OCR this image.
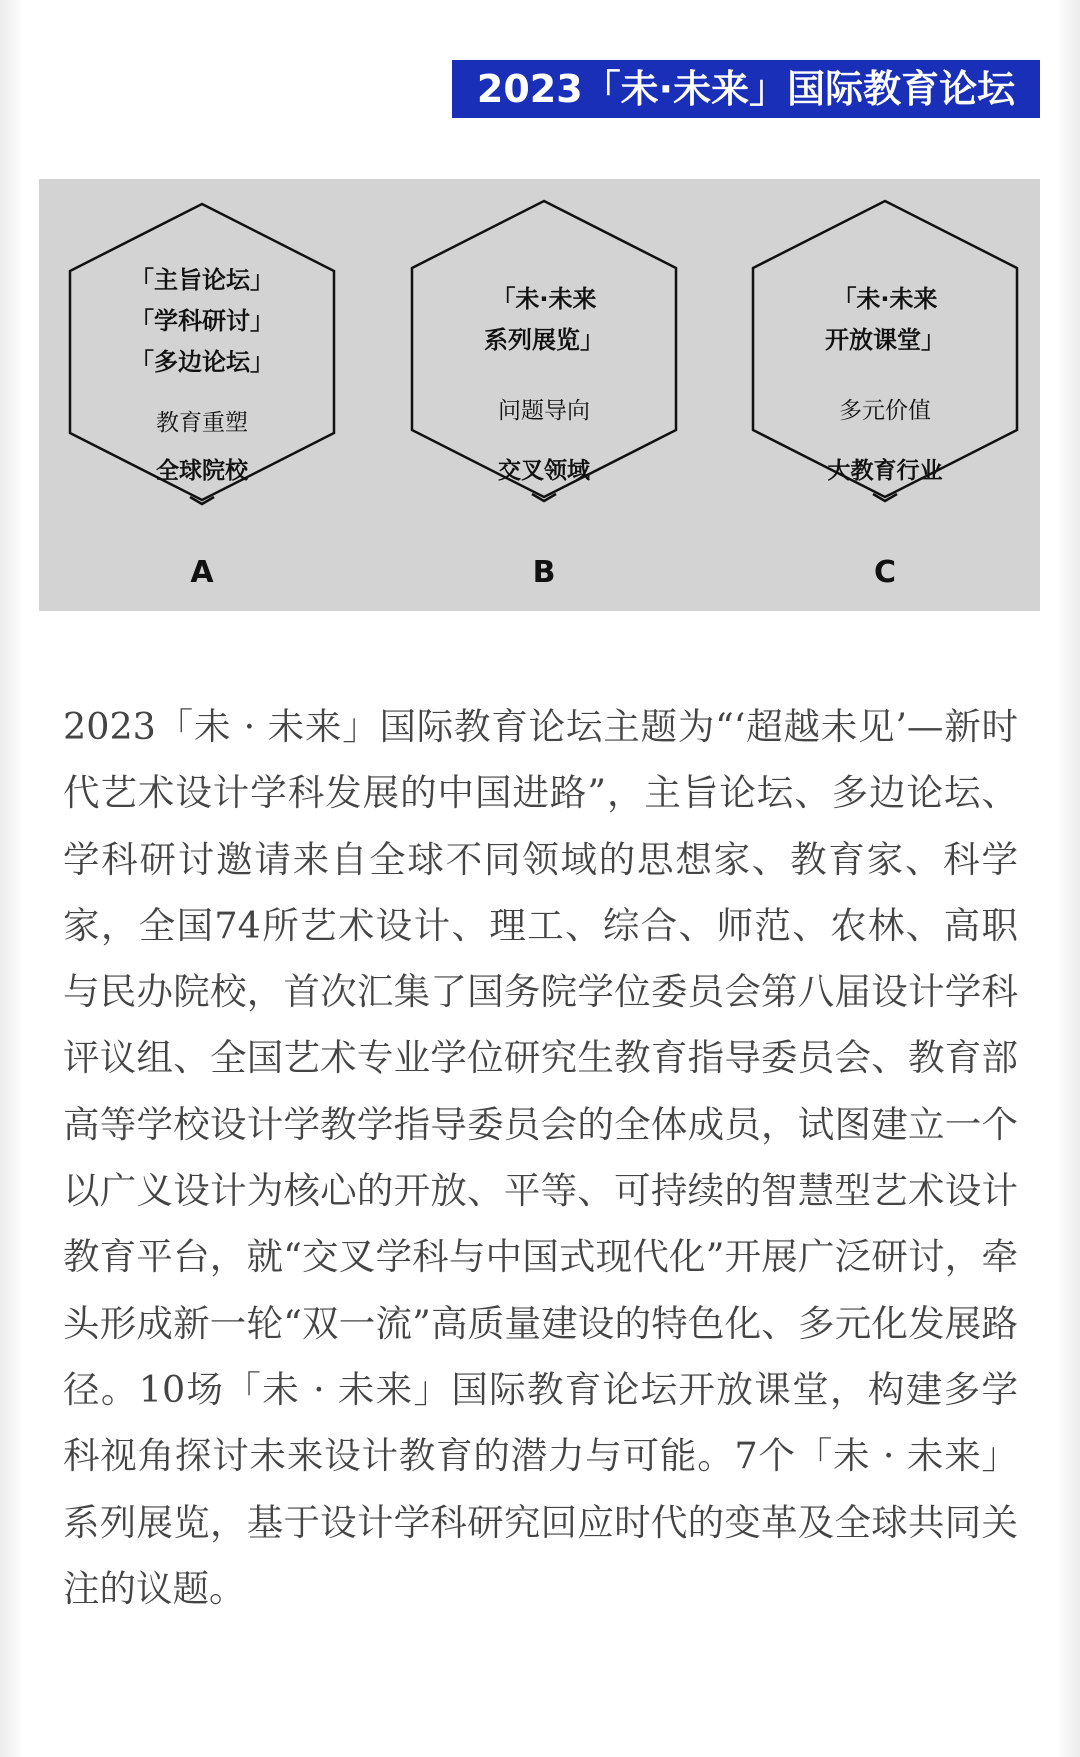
2023「未·未来」国际教育论坛
「主旨论坛」
「学科研讨」
「多边论坛」
教育重塑
全球院校
A
「未·未来
系列展览」
问题导向
交叉领域
B
「未·未来
开放课堂」
多元价值
大教育行业
C

2023「未 · 未来」国际教育论坛主题为“‘超越未见’—新时代艺术设计学科发展的中国进路”，主旨论坛、多边论坛、学科研讨邀请来自全球不同领域的思想家、教育家、科学家，全国74所艺术设计、理工、综合、师范、农林、高职与民办院校，首次汇集了国务院学位委员会第八届设计学科评议组、全国艺术专业学位研究生教育指导委员会、教育部高等学校设计学教学指导委员会的全体成员，试图建立一个以广义设计为核心的开放、平等、可持续的智慧型艺术设计教育平台，就“交叉学科与中国式现代化”开展广泛研讨，牵头形成新一轮“双一流”高质量建设的特色化、多元化发展路径。10场「未 · 未来」国际教育论坛开放课堂，构建多学科视角探讨未来设计教育的潜力与可能。7个「未 · 未来」系列展览，基于设计学科研究回应时代的变革及全球共同关注的议题。
